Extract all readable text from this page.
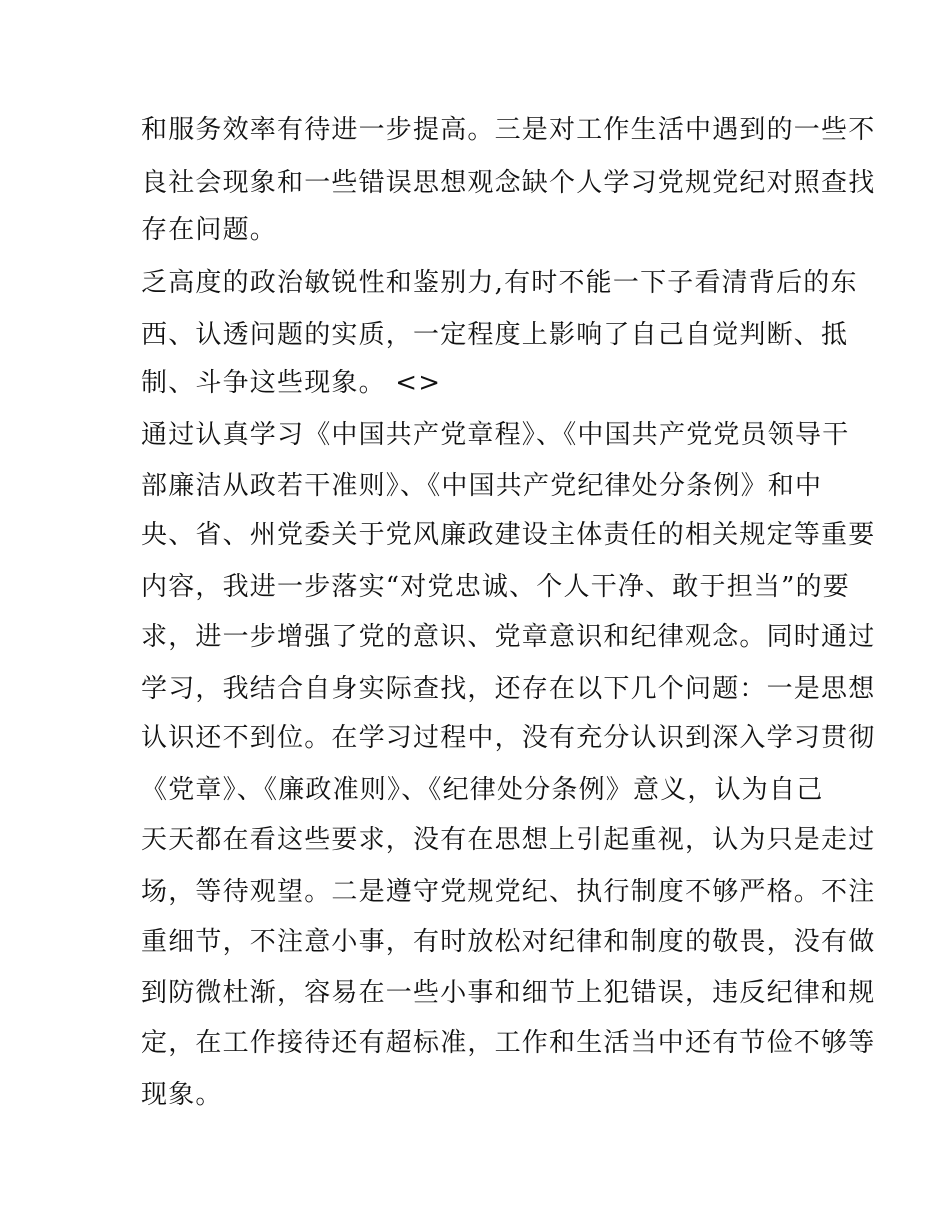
和服务效率有待进一步提高。三是对工作生活中遇到的一些不
良社会现象和一些错误思想观念缺个人学习党规党纪对照查找
存在问题。
乏高度的政治敏锐性和鉴别力,有时不能一下子看清背后的东
西、认透问题的实质，一定程度上影响了自己自觉判断、抵
制、斗争这些现象。 <>
通过认真学习《中国共产党章程》、《中国共产党党员领导干
部廉洁从政若干准则》、《中国共产党纪律处分条例》和中
央、省、州党委关于党风廉政建设主体责任的相关规定等重要
内容，我进一步落实“对党忠诚、个人干净、敢于担当”的要
求，进一步增强了党的意识、党章意识和纪律观念。同时通过
学习，我结合自身实际查找，还存在以下几个问题：一是思想
认识还不到位。在学习过程中，没有充分认识到深入学习贯彻
《党章》、《廉政准则》、《纪律处分条例》意义，认为自己
天天都在看这些要求，没有在思想上引起重视，认为只是走过
场，等待观望。二是遵守党规党纪、执行制度不够严格。不注
重细节，不注意小事，有时放松对纪律和制度的敬畏，没有做
到防微杜渐，容易在一些小事和细节上犯错误，违反纪律和规
定，在工作接待还有超标准，工作和生活当中还有节俭不够等
现象。
